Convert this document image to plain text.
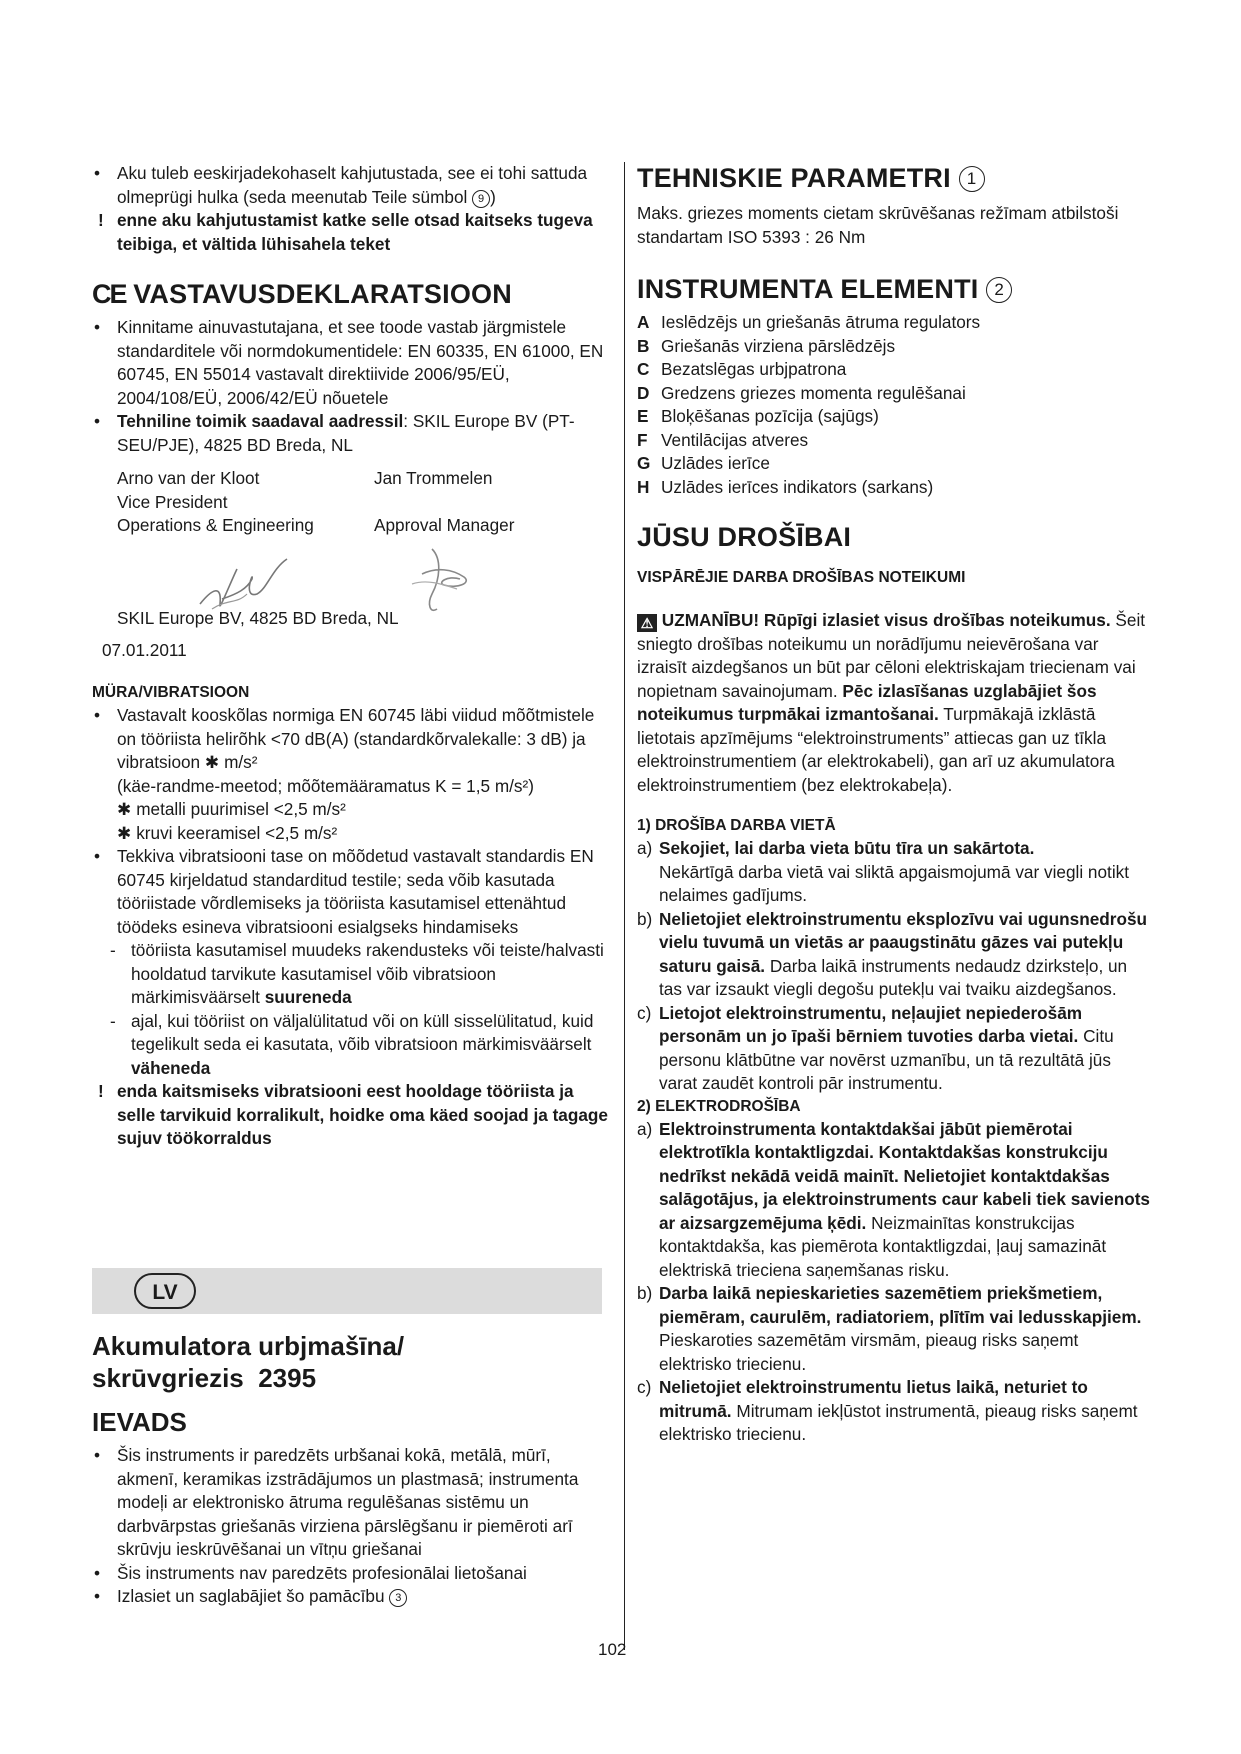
• Aku tuleb eeskirjadekohaselt kahjutustada, see ei tohi sattuda olmeprügi hulka (seda meenutab Teile sümbol 9 )

! enne aku kahjutustamist katke selle otsad kaitseks tugeva teibiga, et vältida lühisahela teket

CE VASTAVUSDEKLARATSIOON

• Kinnitame ainuvastutajana, et see toode vastab järgmistele standarditele või normdokumentidele: EN 60335, EN 61000, EN 60745, EN 55014 vastavalt direktiivide 2006/95/EÜ, 2004/108/EÜ, 2006/42/EÜ nõuetele

• Tehniline toimik saadaval aadressil: SKIL Europe BV (PT-SEU/PJE), 4825 BD Breda, NL

Arno van der Kloot
Vice President
Operations & Engineering
Jan Trommelen
Approval Manager

SKIL Europe BV, 4825 BD Breda, NL

07.01.2011

MÜRA/VIBRATSIOON

• Vastavalt kooskõlas normiga EN 60745 läbi viidud mõõtmistele on tööriista helirõhk <70 dB(A) (standardkõrvalekalle: 3 dB) ja vibratsioon ✱ m/s²
(käe-randme-meetod; mõõtemääramatus K = 1,5 m/s²)
✱ metalli puurimisel <2,5 m/s²
✱ kruvi keeramisel <2,5 m/s²

• Tekkiva vibratsiooni tase on mõõdetud vastavalt standardis EN 60745 kirjeldatud standarditud testile; seda võib kasutada tööriistade võrdlemiseks ja tööriista kasutamisel ettenähtud töödeks esineva vibratsiooni esialgseks hindamiseks

- tööriista kasutamisel muudeks rakendusteks või teiste/halvasti hooldatud tarvikute kasutamisel võib vibratsioon märkimisväärselt suureneda

- ajal, kui tööriist on väljalülitatud või on küll sisselülitatud, kuid tegelikult seda ei kasutata, võib vibratsioon märkimisväärselt väheneda

! enda kaitsmiseks vibratsiooni eest hooldage tööriista ja selle tarvikuid korralikult, hoidke oma käed soojad ja tagage sujuv töökorraldus

LV
Akumulatora urbjmašīna/
skrūvgriezis  2395
IEVADS

• Šis instruments ir paredzēts urbšanai kokā, metālā, mūrī, akmenī, keramikas izstrādājumos un plastmasā; instrumenta modeļi ar elektronisko ātruma regulēšanas sistēmu un darbvārpstas griešanās virziena pārslēgšanu ir piemēroti arī skrūvju ieskrūvēšanai un vītņu griešanai

• Šis instruments nav paredzēts profesionālai lietošanai

• Izlasiet un saglabājiet šo pamācību 3

TEHNISKIE PARAMETRI 1

Maks. griezes moments cietam skrūvēšanas režīmam atbilstoši standartam ISO 5393 : 26 Nm

INSTRUMENTA ELEMENTI 2
A Ieslēdzējs un griešanās ātruma regulators
B Griešanās virziena pārslēdzējs
C Bezatslēgas urbjpatrona
D Gredzens griezes momenta regulēšanai
E Bloķēšanas pozīcija (sajūgs)
F Ventilācijas atveres
G Uzlādes ierīce
H Uzlādes ierīces indikators (sarkans)
JŪSU DROŠĪBAI

VISPĀRĒJIE DARBA DROŠĪBAS NOTEIKUMI

⚠ UZMANĪBU! Rūpīgi izlasiet visus drošības noteikumus. Šeit sniegto drošības noteikumu un norādījumu neievērošana var izraisīt aizdegšanos un būt par cēloni elektriskajam triecienam vai nopietnam savainojumam. Pēc izlasīšanas uzglabājiet šos noteikumus turpmākai izmantošanai. Turpmākajā izklāstā lietotais apzīmējums “elektroinstruments” attiecas gan uz tīkla elektroinstrumentiem (ar elektrokabeli), gan arī uz akumulatora elektroinstrumentiem (bez elektrokabeļa).

1) DROŠĪBA DARBA VIETĀ

a) Sekojiet, lai darba vieta būtu tīra un sakārtota.
Nekārtīgā darba vietā vai sliktā apgaismojumā var viegli notikt nelaimes gadījums.

b) Nelietojiet elektroinstrumentu eksplozīvu vai ugunsnedrošu vielu tuvumā un vietās ar paaugstinātu gāzes vai putekļu saturu gaisā. Darba laikā instruments nedaudz dzirksteļo, un tas var izsaukt viegli degošu putekļu vai tvaiku aizdegšanos.

c) Lietojot elektroinstrumentu, neļaujiet nepiederošām personām un jo īpaši bērniem tuvoties darba vietai. Citu personu klātbūtne var novērst uzmanību, un tā rezultātā jūs varat zaudēt kontroli pār instrumentu.

2) ELEKTRODROŠĪBA

a) Elektroinstrumenta kontaktdakšai jābūt piemērotai elektrotīkla kontaktligzdai. Kontaktdakšas konstrukciju nedrīkst nekādā veidā mainīt. Nelietojiet kontaktdakšas salāgotājus, ja elektroinstruments caur kabeli tiek savienots ar aizsargzemējuma ķēdi. Neizmainītas konstrukcijas kontaktdakša, kas piemērota kontaktligzdai, ļauj samazināt elektriskā trieciena saņemšanas risku.

b) Darba laikā nepieskarieties sazemētiem priekšmetiem, piemēram, caurulēm, radiatoriem, plītīm vai ledusskapjiem. Pieskaroties sazemētām virsmām, pieaug risks saņemt elektrisko triecienu.

c) Nelietojiet elektroinstrumentu lietus laikā, neturiet to mitrumā. Mitrumam iekļūstot instrumentā, pieaug risks saņemt elektrisko triecienu.

102
